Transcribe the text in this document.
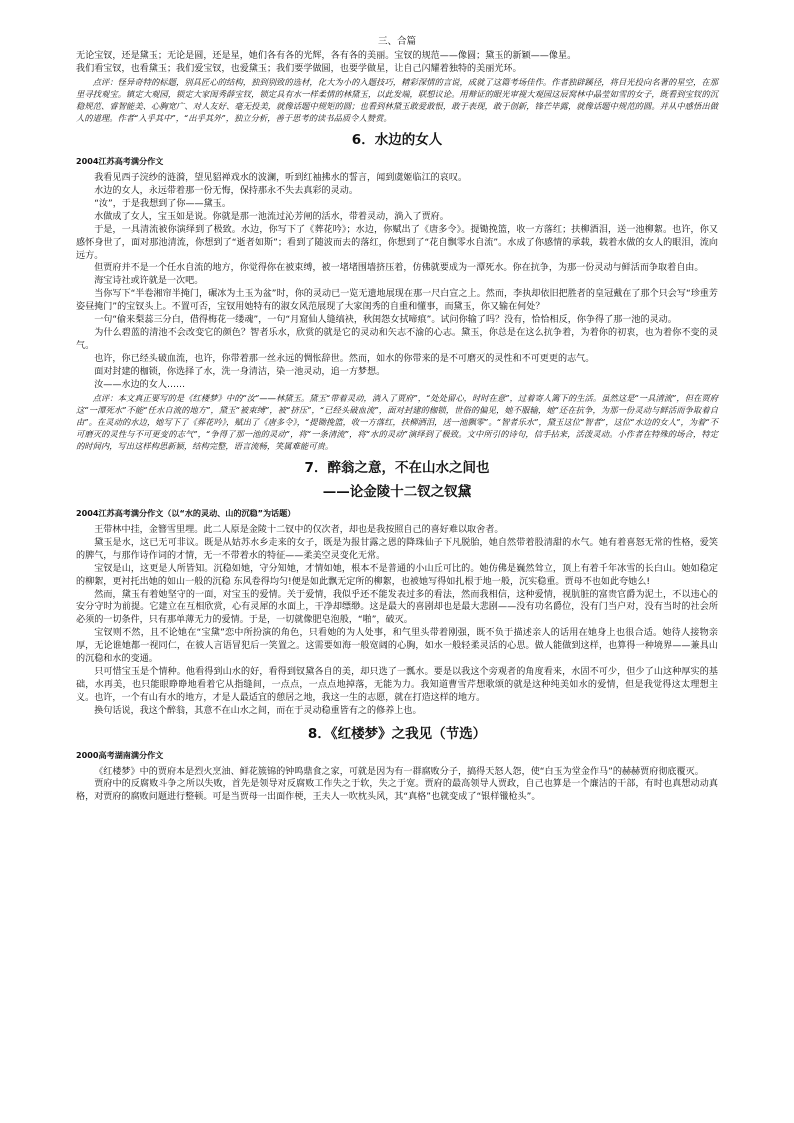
三、合篇

无论宝钗，还是黛玉；无论是圆，还是星，她们各有各的光辉，各有各的美丽。宝钗的规范——像圆；黛玉的新颖——像星。

我们看宝钗，也看黛玉；我们爱宝钗，也爱黛玉；我们要学做圆，也要学做星，让自己闪耀着独特的美丽光环。

点评：怪异奇特的标题，别具匠心的结构，独到别致的选材，化大为小的入题技巧，精彩深情的言说，成就了这篇考场佳作。作者独辟蹊径，将目光投向名著的星空，在那里寻找观宝。镇定大观园，锁定大家闺秀薛宝钗，锁定具有水一样柔情的林黛玉，以此发端，联想议论。用辩证的眼光审视大观园这辰窝林中晶莹如雪的女子，既看到宝钗的沉稳规范、睿智能美、心胸宽广、对人友好、毫无投美，就像话题中规矩的圆；也看到林黛玉敢爱敢恨，敢于表现，敢于创新，锋芒毕露，就像话题中规范的圆。并从中感悟出做人的道理。作者“入乎其中”，“出乎其外”，独立分析，善于思考的读书品质令人赞赏。

6．水边的女人

2004江苏高考满分作文

我看见西子浣纱的涟漪，望见貂禅戏水的波澜，听到红袖拂水的誓言，闻到虞姬临江的哀叹。

水边的女人，永远带着那一份无悔，保持那永不失去真彩的灵动。

“汝”，于是我想到了你——黛玉。

水做成了女人，宝玉如是说。你就是那一池流过沁芳闸的活水，带着灵动，淌入了贾府。

于是，一具清流被你演绎到了极致。水边，你写下了《葬花吟》；水边，你赋出了《唐多令》。提锄挽篮，收一方落红；扶柳酒泪，送一池柳絮。也许，你又感怀身世了，面对那池清流，你想到了“逝者如斯”；看到了随波而去的落红，你想到了“花自飘零水自流”。水成了你感情的承载，载着水做的女人的眼泪，流向远方。

但贾府并不是一个任水自流的地方，你觉得你在被束缚，被一堵堵围墙挤压着，仿佛就要成为一潭死水。你在抗争，为那一份灵动与鲜活而争取着自由。

海宝诗社或许就是一次吧。

当你写下“半卷湘帘半掩门，碾冰为土玉为盆”时，你的灵动已一览无遗地展现在那一尺白宣之上。然而，李执却依旧把胜者的皇冠戴在了那个只会写“珍重芳姿昼掩门”的宝钗头上。不置可否，宝钗用她特有的淑女风范展现了大家闺秀的自重和懂事，而黛玉，你又输在何处？

一句“偷来梨蕊三分白，借得梅花一缕魂”，一句“月窟仙人缝缟袂，秋闺怨女拭啼痕”。试问你输了吗？没有，恰恰相反，你争得了那一池的灵动。

为什么碧蓝的清池不会改变它的颜色？智者乐水，欣赏的就是它的灵动和矢志不渝的心志。黛玉，你总是在这么抗争着，为着你的初衷，也为着你不变的灵气。

也许，你已经头破血流，也许，你带着那一丝永远的惆怅辞世。然而，如水的你带来的是不可磨灭的灵性和不可更更的志气。

面对封建的枷锁，你选择了水，洗一身清洁，染一池灵动，追一方梦想。

汝——水边的女人……

点评：本文真正要写的是《红楼梦》中的“汝”——林黛玉。黛玉“带着灵动，淌入了贾府”，“处处留心，时时在意”，过着寄人篱下的生活。虽然这是“一具清流”，但在贾府这“一潭死水”不能“任水自流的地方”，黛玉“被束缚”，被“挤压”，“已经头破血流”，面对封建的枷锁，世俗的偏见，她不服输，她“还在抗争，为那一份灵动与鲜活而争取着自由”。在灵动的水边，她写下了《葬花吟》，赋出了《唐多令》，“提锄挽篮，收一方落红，扶柳洒泪，送一池飘零”。“智者乐水”，黛玉这位“智者”，这位“水边的女人”，为着“不可磨灭的灵性与不可更变的志气”，“争得了那一池的灵动”，将“一条清流”，将“水的灵动”演绎到了极致。文中所引的诗句，信手拈来，活泼灵动。小作者在特殊的场合，特定的时间内，写出这样构思新颖，结构完整，语言流畅，笑属难能可贵。

7．醉翁之意，不在山水之间也

——论金陵十二钗之钗黛

2004江苏高考满分作文（以“水的灵动、山的沉稳”为话题）

王带林中挂，金簪雪里埋。此二人原是金陵十二钗中的仅次者，却也是我按照自己的喜好难以取舍者。

黛玉是水，这已无可非议。既是从姑苏水乡走来的女子，既是为报甘露之恩的降珠仙子下凡脱胎，她自然带着股清甜的水气。她有着喜怒无常的性格，爱笑的脾气，与那作诗作词的才情，无一不带着水的特征——柔美空灵变化无常。

宝钗是山，这更是人所皆知。沉稳如她，守分知她，才情如她，根本不是普通的小山丘可比的。她仿佛是巍然耸立，顶上有着千年冰雪的长白山。她如稳定的柳絮，更衬托出她的如山一般的沉稳 东风卷得均匀!便是如此飘无定所的柳絮，也被她写得如扎根于地一般，沉实稳重。贾母不也如此夸她么!

然而，黛玉有着她坚守的一面，对宝玉的爱情。关于爱情，我似乎还不能发表过多的看法，然而我相信，这种爱情，视肮脏的富贵官爵为泥土，不以违心的安分守时为前提。它建立在互相欣赏，心有灵犀的水面上，干净却缥缈。这是最大的喜剧却也是最大悲剧——没有功名爵位，没有门当户对，没有当时的社会所必须的一切条件，只有那单薄无力的爱情。于是，一切就像肥皂泡般，“啪”，破灭。

宝钗则不然，且不论她在“宝黛”恋中所扮演的角色，只看她的为人处事，和气里头带着刚强，既不负于描述亲人的话用在她身上也很合适。她待人接物亲厚，无论谁她都一视同仁，在彼人言语冒犯后一笑置之。这需要如海一般宽阔的心胸，如水一般轻柔灵活的心思。做人能做到这样，也算得一种境界——兼具山的沉稳和水的变通。

只可惜宝玉是个情种。他看得到山水的好，看得到钗黛各自的美，却只选了一瓢水。要是以我这个旁观者的角度看来，水固不可少，但少了山这种厚实的基础，水再美，也只能眼睁睁地看着它从指缝间，一点点，一点点地掉落，无能为力。我知道曹雪芹想歌颂的就是这种纯美如水的爱情，但是我觉得这太理想主义。也许，一个有山有水的地方，才是人最适宜的憩居之地，我这一生的志愿，就在打造这样的地方。

换句话说，我这个醉翁，其意不在山水之间，而在于灵动稳重皆有之的修养上也。

8．《红楼梦》之我见（节选）

2000高考湖南满分作文

《红楼梦》中的贾府本是烈火烹油、鲜花簇锦的钟鸣鼎食之家，可就是因为有一群腐败分子，搞得天怒人怨，使“白玉为堂金作马”的赫赫贾府彻底覆灭。

贾府中的反腐败斗争之所以失败，首先是领导对反腐败工作失之于软，失之于宽。贾府的最高领导人贾政，自己也算是一个廉洁的干部，有时也真想动动真格，对贾府的腐败问题进行整顿。可是当贾母一出面作梗，王夫人一吹枕头风，其“真格”也就变成了“银样镴枪头”。
